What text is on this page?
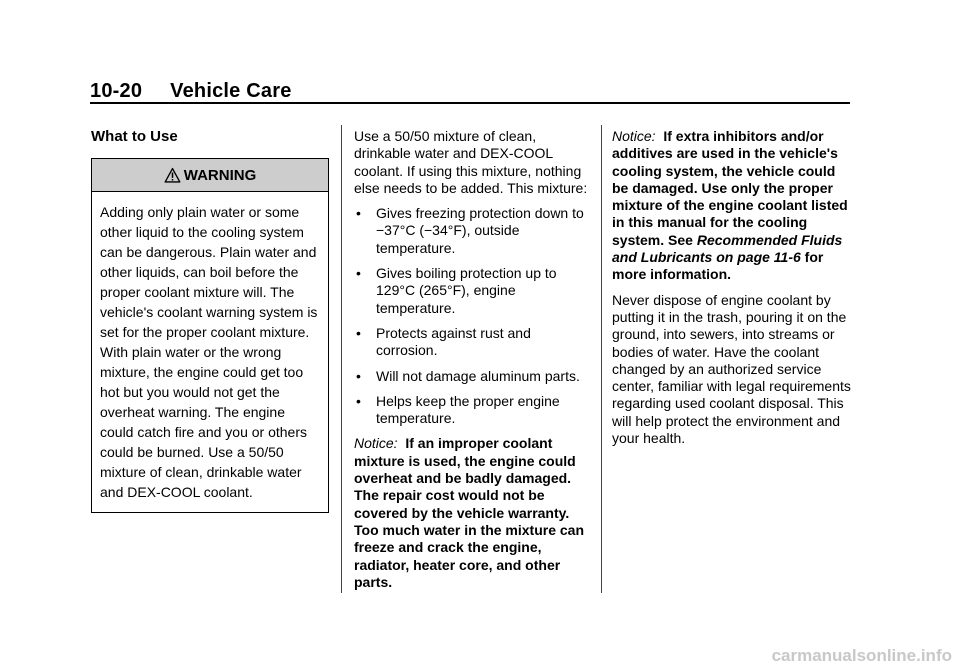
10-20 Vehicle Care
What to Use
WARNING
Adding only plain water or some other liquid to the cooling system can be dangerous. Plain water and other liquids, can boil before the proper coolant mixture will. The vehicle's coolant warning system is set for the proper coolant mixture. With plain water or the wrong mixture, the engine could get too hot but you would not get the overheat warning. The engine could catch fire and you or others could be burned. Use a 50/50 mixture of clean, drinkable water and DEX-COOL coolant.

Use a 50/50 mixture of clean, drinkable water and DEX-COOL coolant. If using this mixture, nothing else needs to be added. This mixture:

• Gives freezing protection down to −37°C (−34°F), outside temperature.
• Gives boiling protection up to 129°C (265°F), engine temperature.
• Protects against rust and corrosion.
• Will not damage aluminum parts.
• Helps keep the proper engine temperature.

Notice: If an improper coolant mixture is used, the engine could overheat and be badly damaged. The repair cost would not be covered by the vehicle warranty. Too much water in the mixture can freeze and crack the engine, radiator, heater core, and other parts.

Notice: If extra inhibitors and/or additives are used in the vehicle's cooling system, the vehicle could be damaged. Use only the proper mixture of the engine coolant listed in this manual for the cooling system. See Recommended Fluids and Lubricants on page 11-6 for more information.

Never dispose of engine coolant by putting it in the trash, pouring it on the ground, into sewers, into streams or bodies of water. Have the coolant changed by an authorized service center, familiar with legal requirements regarding used coolant disposal. This will help protect the environment and your health.

carmanualsonline.info
